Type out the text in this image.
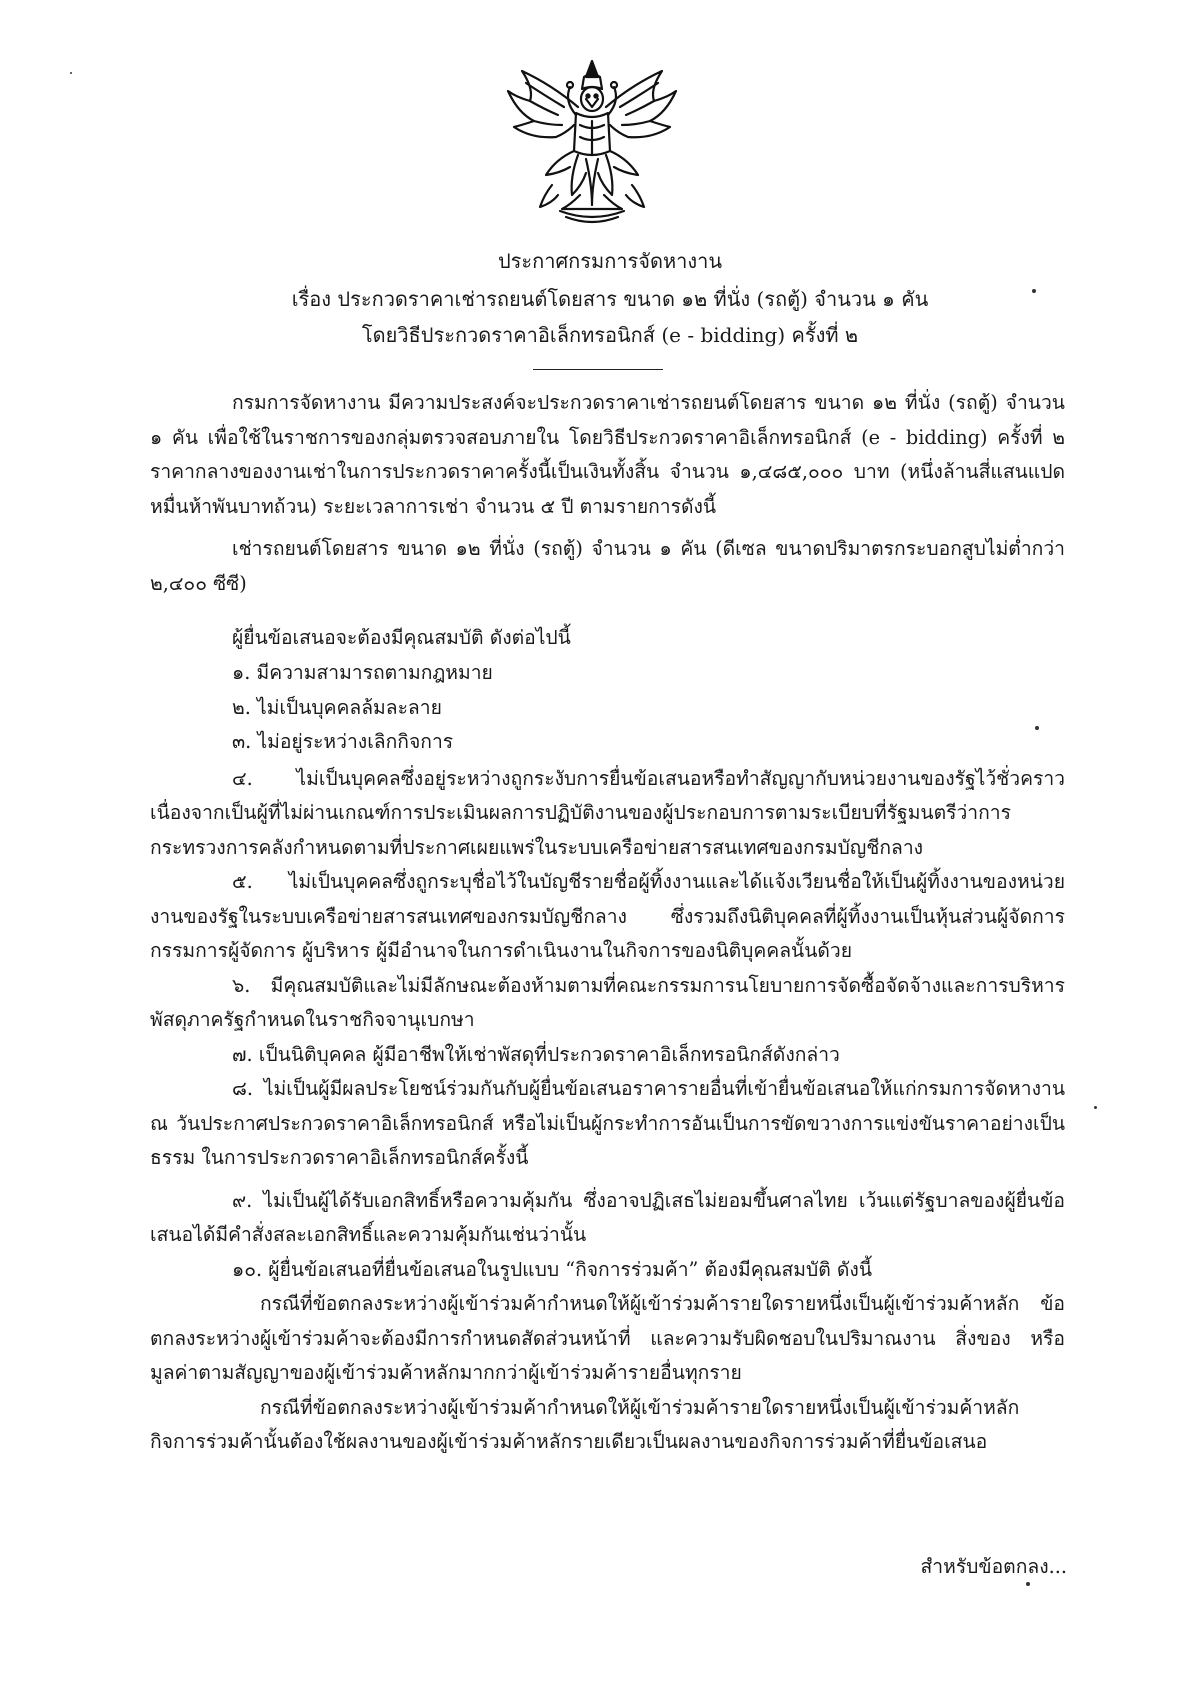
ประกาศกรมการจัดหางาน
เรื่อง ประกวดราคาเช่ารถยนต์โดยสาร ขนาด ๑๒ ที่นั่ง (รถตู้) จำนวน ๑ คัน
โดยวิธีประกวดราคาอิเล็กทรอนิกส์ (e - bidding) ครั้งที่ ๒
กรมการจัดหางาน มีความประสงค์จะประกวดราคาเช่ารถยนต์โดยสาร ขนาด ๑๒ ที่นั่ง (รถตู้) จำนวน ๑ คัน เพื่อใช้ในราชการของกลุ่มตรวจสอบภายใน โดยวิธีประกวดราคาอิเล็กทรอนิกส์ (e - bidding) ครั้งที่ ๒ ราคากลางของงานเช่าในการประกวดราคาครั้งนี้เป็นเงินทั้งสิ้น จำนวน ๑,๔๘๕,๐๐๐ บาท (หนึ่งล้านสี่แสนแปดหมื่นห้าพันบาทถ้วน) ระยะเวลาการเช่า จำนวน ๕ ปี ตามรายการดังนี้
เช่ารถยนต์โดยสาร ขนาด ๑๒ ที่นั่ง (รถตู้) จำนวน ๑ คัน (ดีเซล ขนาดปริมาตรกระบอกสูบไม่ต่ำกว่า ๒,๔๐๐ ซีซี)
ผู้ยื่นข้อเสนอจะต้องมีคุณสมบัติ ดังต่อไปนี้
๑. มีความสามารถตามกฎหมาย
๒. ไม่เป็นบุคคลล้มละลาย
๓. ไม่อยู่ระหว่างเลิกกิจการ
๔. ไม่เป็นบุคคลซึ่งอยู่ระหว่างถูกระงับการยื่นข้อเสนอหรือทำสัญญากับหน่วยงานของรัฐไว้ชั่วคราว เนื่องจากเป็นผู้ที่ไม่ผ่านเกณฑ์การประเมินผลการปฏิบัติงานของผู้ประกอบการตามระเบียบที่รัฐมนตรีว่าการกระทรวงการคลังกำหนดตามที่ประกาศเผยแพร่ในระบบเครือข่ายสารสนเทศของกรมบัญชีกลาง
๕. ไม่เป็นบุคคลซึ่งถูกระบุชื่อไว้ในบัญชีรายชื่อผู้ทิ้งงานและได้แจ้งเวียนชื่อให้เป็นผู้ทิ้งงานของหน่วยงานของรัฐในระบบเครือข่ายสารสนเทศของกรมบัญชีกลาง ซึ่งรวมถึงนิติบุคคลที่ผู้ทิ้งงานเป็นหุ้นส่วนผู้จัดการ กรรมการผู้จัดการ ผู้บริหาร ผู้มีอำนาจในการดำเนินงานในกิจการของนิติบุคคลนั้นด้วย
๖. มีคุณสมบัติและไม่มีลักษณะต้องห้ามตามที่คณะกรรมการนโยบายการจัดซื้อจัดจ้างและการบริหารพัสดุภาครัฐกำหนดในราชกิจจานุเบกษา
๗. เป็นนิติบุคคล ผู้มีอาชีพให้เช่าพัสดุที่ประกวดราคาอิเล็กทรอนิกส์ดังกล่าว
๘. ไม่เป็นผู้มีผลประโยชน์ร่วมกันกับผู้ยื่นข้อเสนอราคารายอื่นที่เข้ายื่นข้อเสนอให้แก่กรมการจัดหางาน ณ วันประกาศประกวดราคาอิเล็กทรอนิกส์ หรือไม่เป็นผู้กระทำการอันเป็นการขัดขวางการแข่งขันราคาอย่างเป็นธรรม ในการประกวดราคาอิเล็กทรอนิกส์ครั้งนี้
๙. ไม่เป็นผู้ได้รับเอกสิทธิ์หรือความคุ้มกัน ซึ่งอาจปฏิเสธไม่ยอมขึ้นศาลไทย เว้นแต่รัฐบาลของผู้ยื่นข้อเสนอได้มีคำสั่งสละเอกสิทธิ์และความคุ้มกันเช่นว่านั้น
๑๐. ผู้ยื่นข้อเสนอที่ยื่นข้อเสนอในรูปแบบ “กิจการร่วมค้า” ต้องมีคุณสมบัติ ดังนี้
กรณีที่ข้อตกลงระหว่างผู้เข้าร่วมค้ากำหนดให้ผู้เข้าร่วมค้ารายใดรายหนึ่งเป็นผู้เข้าร่วมค้าหลัก ข้อตกลงระหว่างผู้เข้าร่วมค้าจะต้องมีการกำหนดสัดส่วนหน้าที่ และความรับผิดชอบในปริมาณงาน สิ่งของ หรือมูลค่าตามสัญญาของผู้เข้าร่วมค้าหลักมากกว่าผู้เข้าร่วมค้ารายอื่นทุกราย
กรณีที่ข้อตกลงระหว่างผู้เข้าร่วมค้ากำหนดให้ผู้เข้าร่วมค้ารายใดรายหนึ่งเป็นผู้เข้าร่วมค้าหลัก กิจการร่วมค้านั้นต้องใช้ผลงานของผู้เข้าร่วมค้าหลักรายเดียวเป็นผลงานของกิจการร่วมค้าที่ยื่นข้อเสนอ
สำหรับข้อตกลง...
